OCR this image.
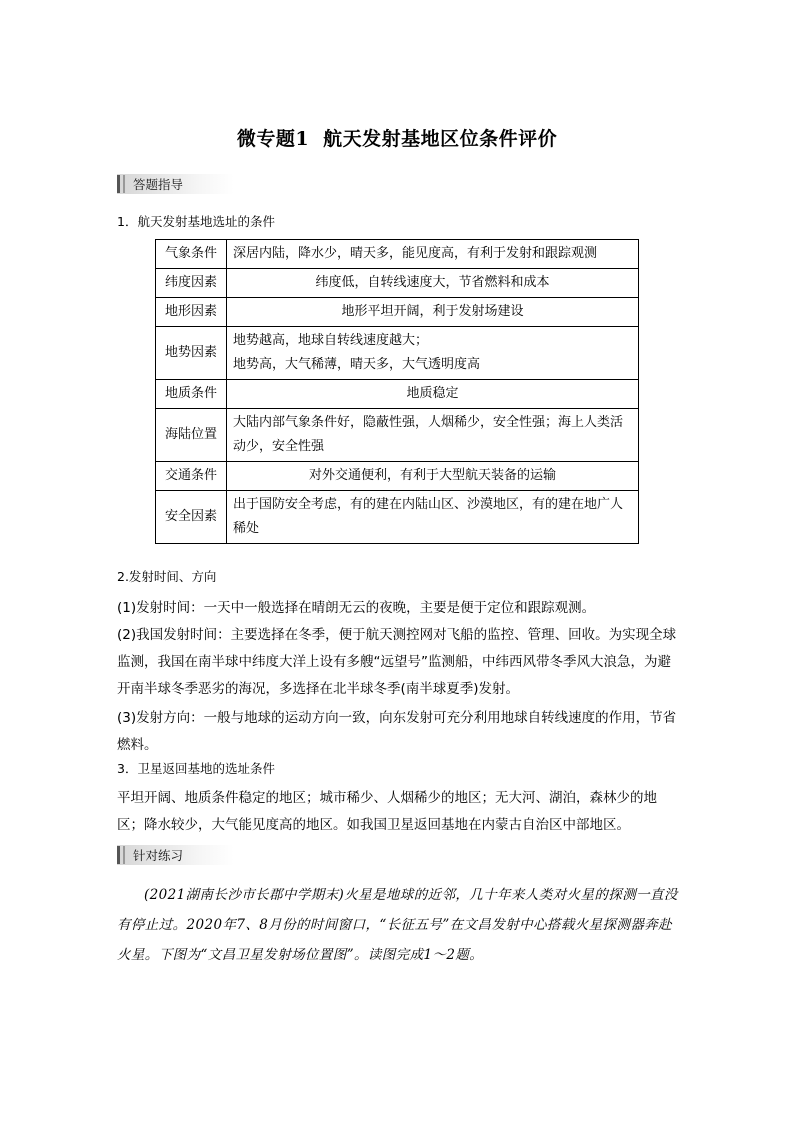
微专题1 航天发射基地区位条件评价
答题指导
1．航天发射基地选址的条件
气象条件	深居内陆，降水少，晴天多，能见度高，有利于发射和跟踪观测
纬度因素	纬度低，自转线速度大，节省燃料和成本
地形因素	地形平坦开阔，利于发射场建设
地势因素	地势越高，地球自转线速度越大；
地势高，大气稀薄，晴天多，大气透明度高
地质条件	地质稳定
海陆位置	大陆内部气象条件好，隐蔽性强，人烟稀少，安全性强；海上人类活动少，安全性强
交通条件	对外交通便利，有利于大型航天装备的运输
安全因素	出于国防安全考虑，有的建在内陆山区、沙漠地区，有的建在地广人稀处
2.发射时间、方向
(1)发射时间：一天中一般选择在晴朗无云的夜晚，主要是便于定位和跟踪观测。
(2)我国发射时间：主要选择在冬季，便于航天测控网对飞船的监控、管理、回收。为实现全球监测，我国在南半球中纬度大洋上设有多艘“远望号”监测船，中纬西风带冬季风大浪急，为避开南半球冬季恶劣的海况，多选择在北半球冬季(南半球夏季)发射。
(3)发射方向：一般与地球的运动方向一致，向东发射可充分利用地球自转线速度的作用，节省燃料。
3．卫星返回基地的选址条件
平坦开阔、地质条件稳定的地区；城市稀少、人烟稀少的地区；无大河、湖泊，森林少的地区；降水较少，大气能见度高的地区。如我国卫星返回基地在内蒙古自治区中部地区。
针对练习
(2021湖南长沙市长郡中学期末)火星是地球的近邻，几十年来人类对火星的探测一直没有停止过。2020年7、8月份的时间窗口，“长征五号”在文昌发射中心搭载火星探测器奔赴火星。下图为“文昌卫星发射场位置图”。读图完成1～2题。
